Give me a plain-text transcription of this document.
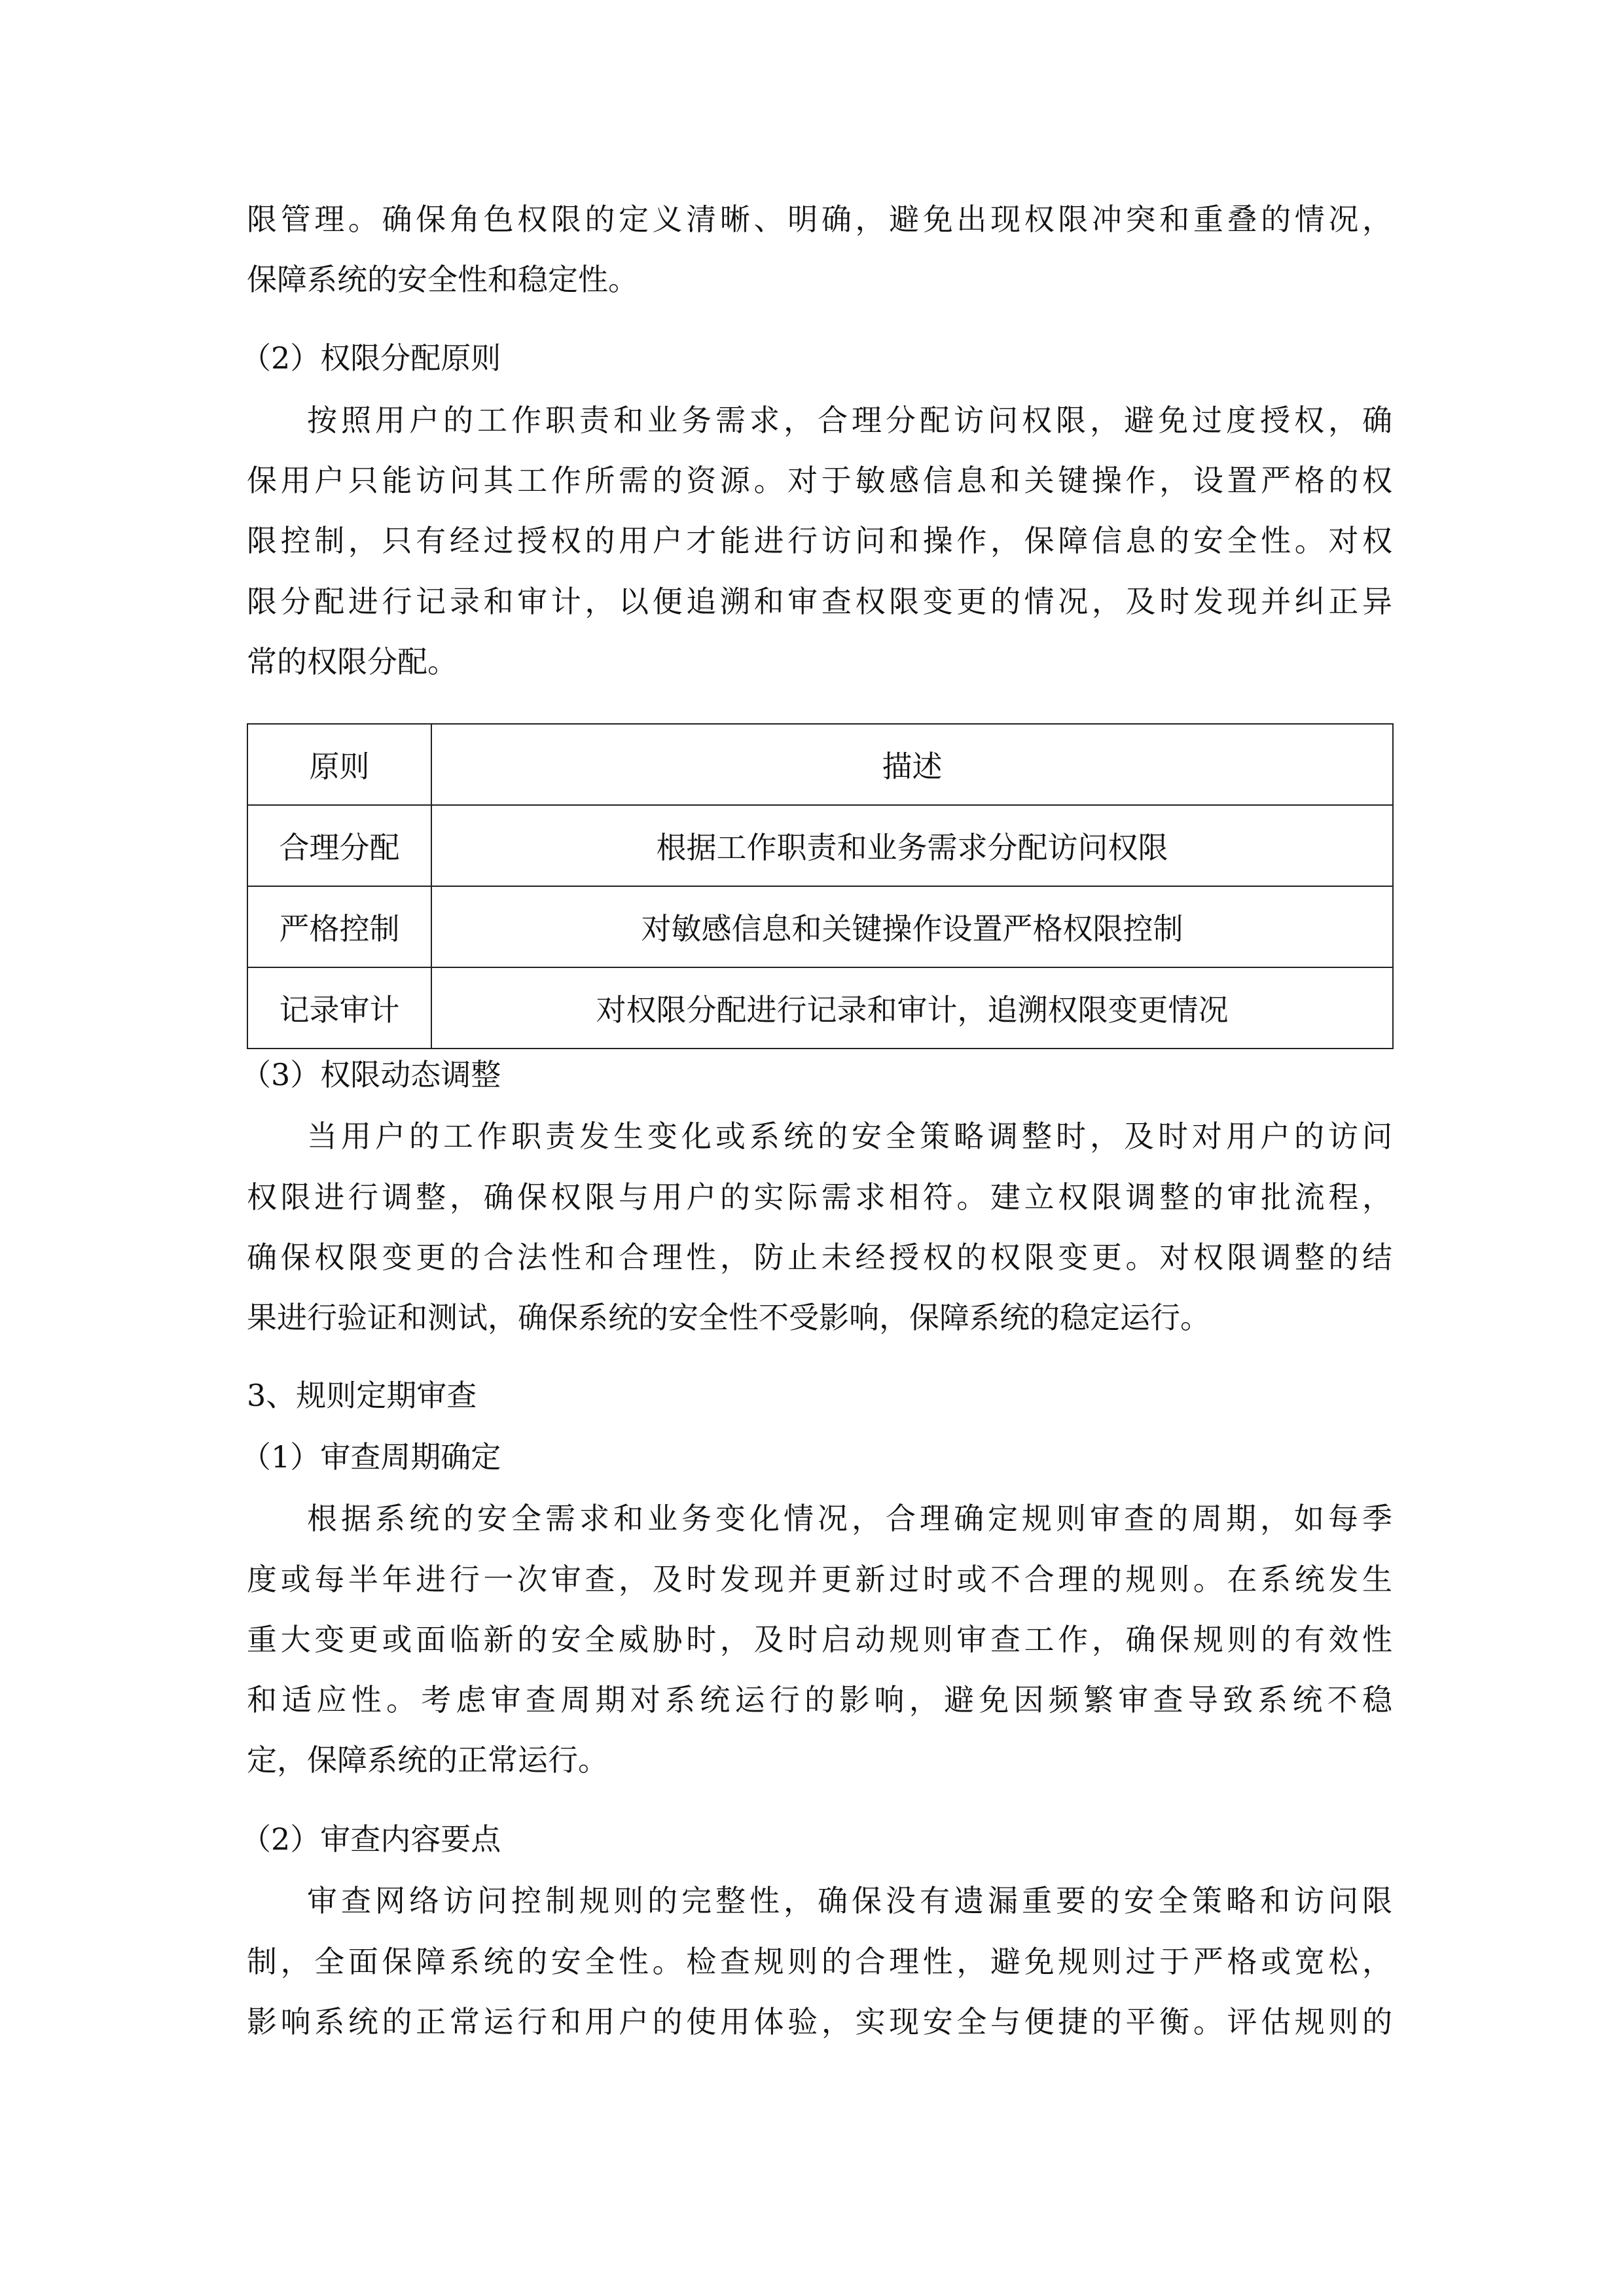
限管理。确保角色权限的定义清晰、明确，避免出现权限冲突和重叠的情况，
保障系统的安全性和稳定性。
（2）权限分配原则
按照用户的工作职责和业务需求，合理分配访问权限，避免过度授权，确
保用户只能访问其工作所需的资源。对于敏感信息和关键操作，设置严格的权
限控制，只有经过授权的用户才能进行访问和操作，保障信息的安全性。对权
限分配进行记录和审计，以便追溯和审查权限变更的情况，及时发现并纠正异
常的权限分配。
原则	描述
合理分配	根据工作职责和业务需求分配访问权限
严格控制	对敏感信息和关键操作设置严格权限控制
记录审计	对权限分配进行记录和审计，追溯权限变更情况
（3）权限动态调整
当用户的工作职责发生变化或系统的安全策略调整时，及时对用户的访问
权限进行调整，确保权限与用户的实际需求相符。建立权限调整的审批流程，
确保权限变更的合法性和合理性，防止未经授权的权限变更。对权限调整的结
果进行验证和测试，确保系统的安全性不受影响，保障系统的稳定运行。
3、规则定期审查
（1）审查周期确定
根据系统的安全需求和业务变化情况，合理确定规则审查的周期，如每季
度或每半年进行一次审查，及时发现并更新过时或不合理的规则。在系统发生
重大变更或面临新的安全威胁时，及时启动规则审查工作，确保规则的有效性
和适应性。考虑审查周期对系统运行的影响，避免因频繁审查导致系统不稳
定，保障系统的正常运行。
（2）审查内容要点
审查网络访问控制规则的完整性，确保没有遗漏重要的安全策略和访问限
制，全面保障系统的安全性。检查规则的合理性，避免规则过于严格或宽松，
影响系统的正常运行和用户的使用体验，实现安全与便捷的平衡。评估规则的
